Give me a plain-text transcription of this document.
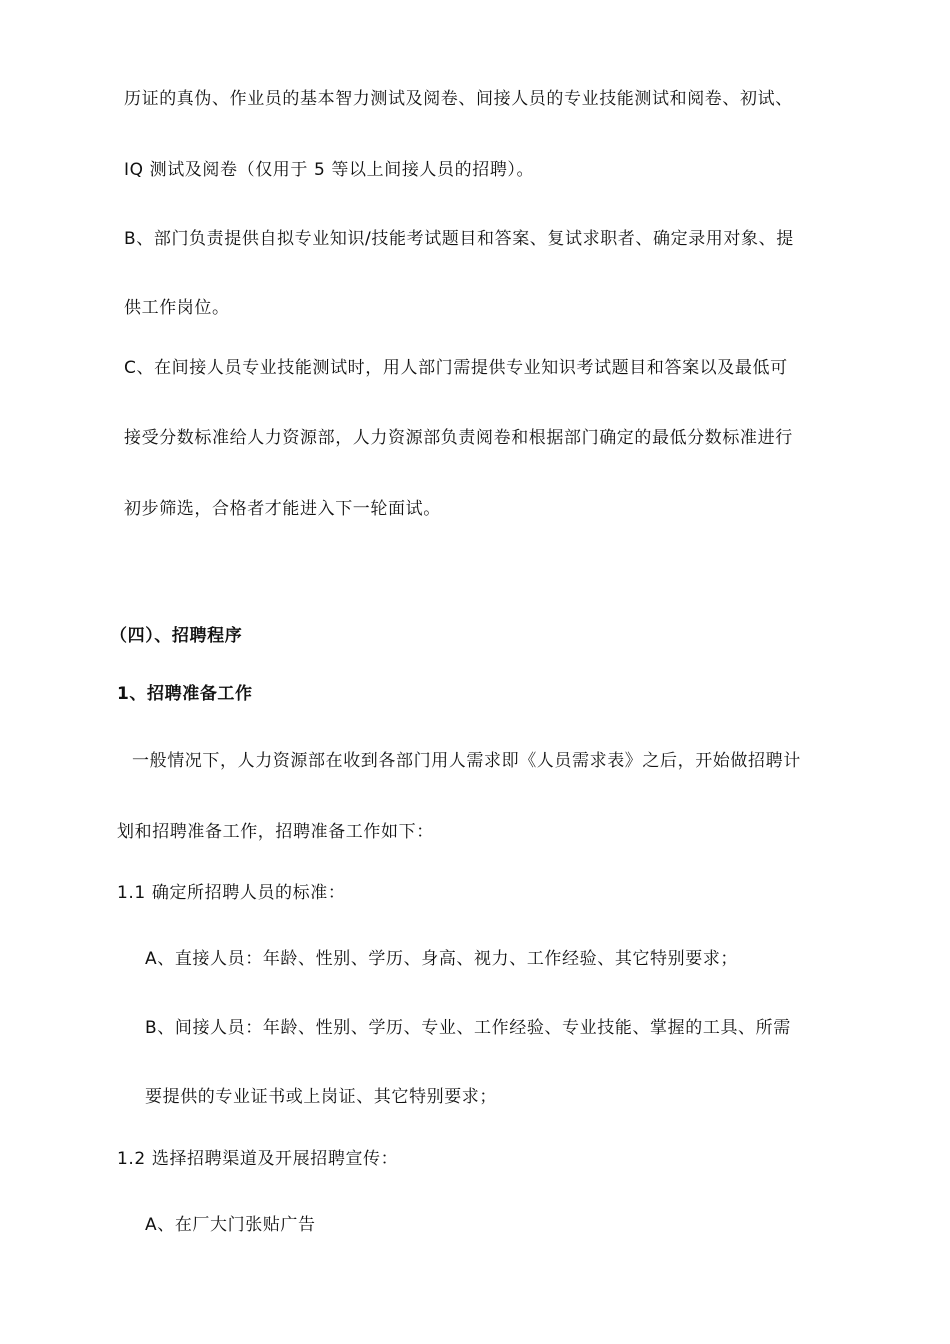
历证的真伪、作业员的基本智力测试及阅卷、间接人员的专业技能测试和阅卷、初试、
IQ 测试及阅卷（仅用于 5 等以上间接人员的招聘）。
B、部门负责提供自拟专业知识/技能考试题目和答案、复试求职者、确定录用对象、提
供工作岗位。
C、在间接人员专业技能测试时，用人部门需提供专业知识考试题目和答案以及最低可
接受分数标准给人力资源部，人力资源部负责阅卷和根据部门确定的最低分数标准进行
初步筛选，合格者才能进入下一轮面试。
（四）、招聘程序
1、招聘准备工作
一般情况下，人力资源部在收到各部门用人需求即《人员需求表》之后，开始做招聘计
划和招聘准备工作，招聘准备工作如下：
1.1 确定所招聘人员的标准：
A、直接人员：年龄、性别、学历、身高、视力、工作经验、其它特别要求；
B、间接人员：年龄、性别、学历、专业、工作经验、专业技能、掌握的工具、所需
要提供的专业证书或上岗证、其它特别要求；
1.2 选择招聘渠道及开展招聘宣传：
A、在厂大门张贴广告
